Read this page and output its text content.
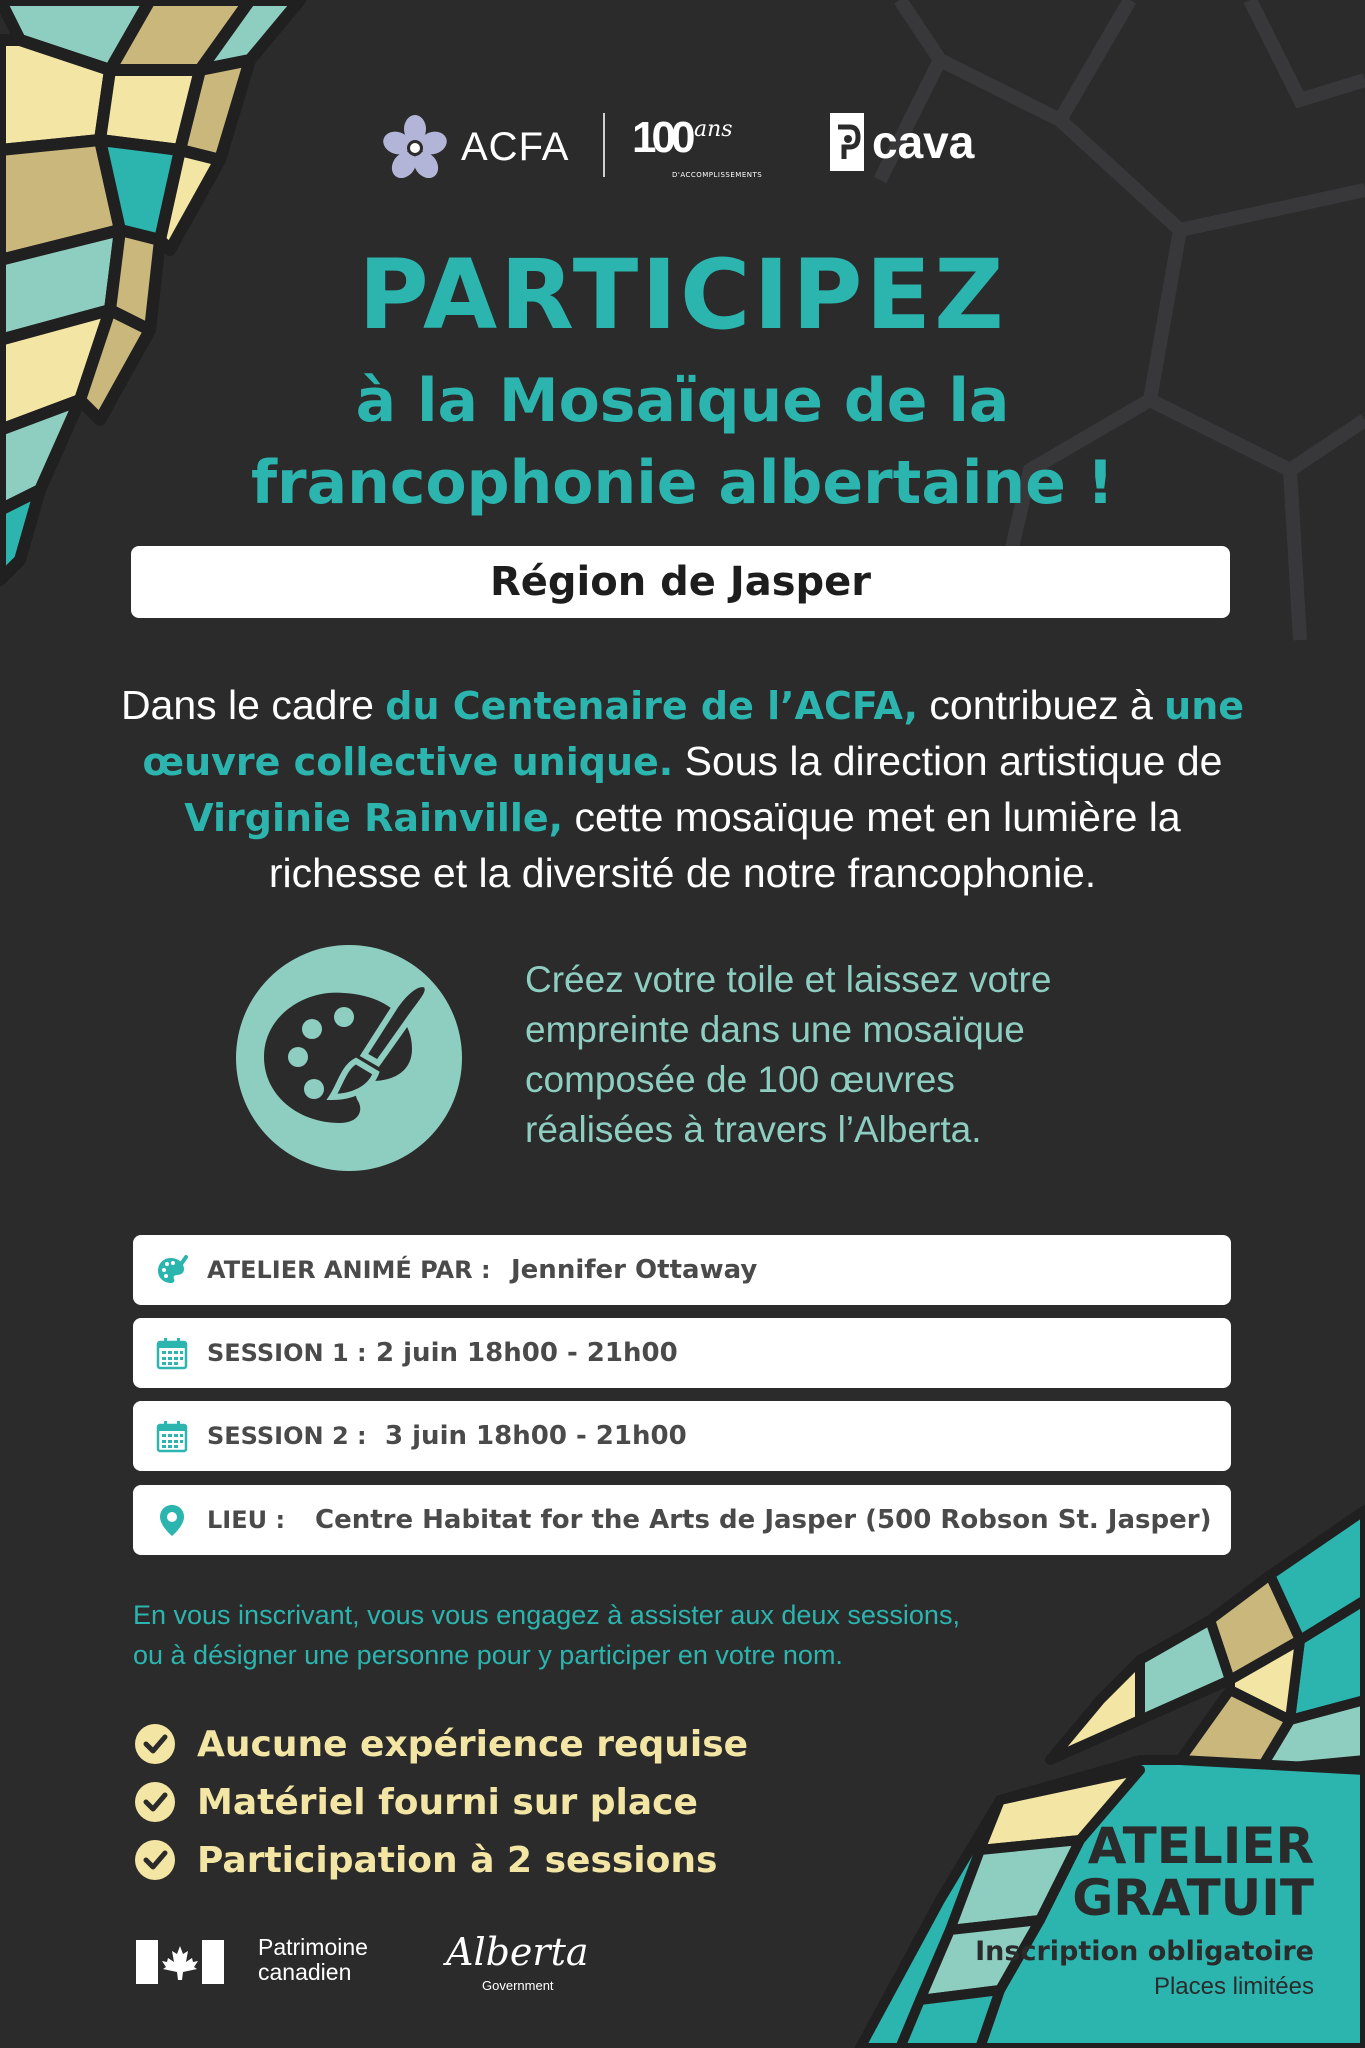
ACFA 100 ans
D'ACCOMPLISSEMENTS
cava
PARTICIPEZ
à la Mosaïque de la
francophonie albertaine !
Région de Jasper
Dans le cadre du Centenaire de l’ACFA, contribuez à une œuvre collective unique. Sous la direction artistique de Virginie Rainville, cette mosaïque met en lumière la richesse et la diversité de notre francophonie.
Créez votre toile et laissez votre
empreinte dans une mosaïque
composée de 100 œuvres
réalisées à travers l’Alberta.
ATELIER ANIMÉ PAR : Jennifer Ottaway
SESSION 1 : 2 juin 18h00 - 21h00
SESSION 2 : 3 juin 18h00 - 21h00
LIEU : Centre Habitat for the Arts de Jasper (500 Robson St. Jasper)
En vous inscrivant, vous vous engagez à assister aux deux sessions,
ou à désigner une personne pour y participer en votre nom.
Aucune expérience requise
Matériel fourni sur place
Participation à 2 sessions
Patrimoine
canadien	Alberta
Government
ATELIER
GRATUIT
Inscription obligatoire
Places limitées
